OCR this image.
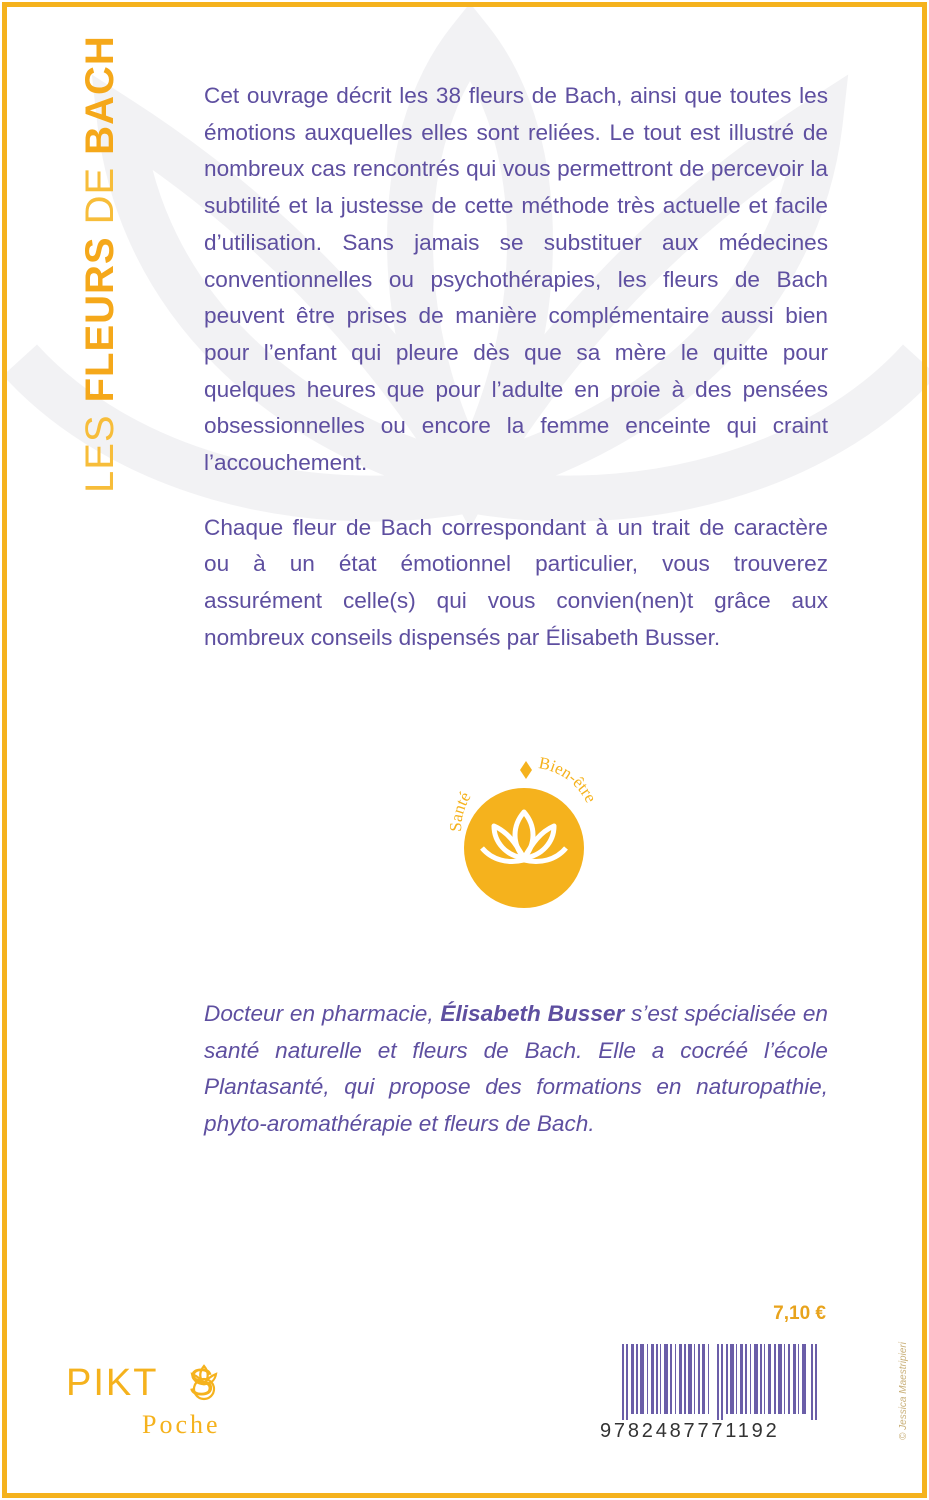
LES
FLEURS
DE
BACH	Cet ouvrage décrit les 38 fleurs de Bach, ainsi que toutes les émotions auxquelles elles sont reliées. Le tout est illustré de nombreux cas rencontrés qui vous permettront de percevoir la subtilité et la justesse de cette méthode très actuelle et facile d’utilisation. Sans jamais se substituer aux médecines conventionnelles ou psychothérapies, les fleurs de Bach peuvent être prises de manière complémentaire aussi bien pour l’enfant qui pleure dès que sa mère le quitte pour quelques heures que pour l’adulte en proie à des pensées obsessionnelles ou encore la femme enceinte qui craint l’accouchement.

Chaque fleur de Bach correspondant à un trait de caractère ou à un état émotionnel particulier, vous trouverez assurément celle(s) qui vous convien(nen)t grâce aux nombreux conseils dispensés par Élisabeth Busser.

Santé
Bien-être
Docteur en pharmacie, Élisabeth Busser s’est spécialisée en santé naturelle et fleurs de Bach. Elle a cocréé l’école Plantasanté, qui propose des formations en naturopathie, phyto-aromathérapie et fleurs de Bach.
7,10 €
9782487771192	© Jessica Maestripieri
PIKT S
Poche
